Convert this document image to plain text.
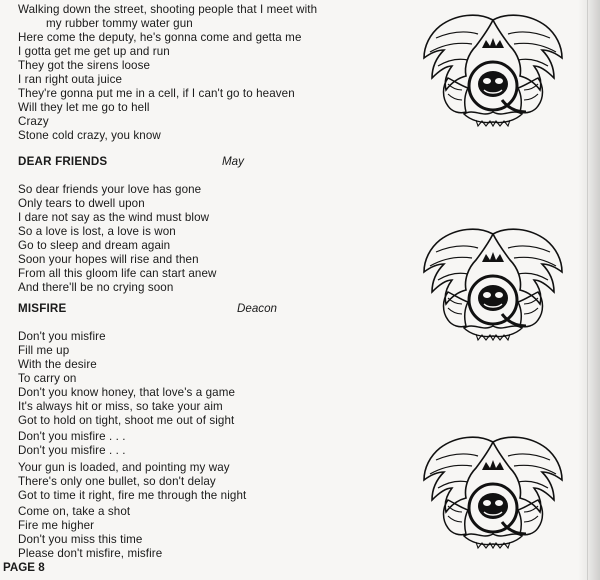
Walking down the street, shooting people that I meet with
my rubber tommy water gun
Here come the deputy, he's gonna come and getta me
I gotta get me get up and run
They got the sirens loose
I ran right outa juice
They're gonna put me in a cell, if I can't go to heaven
Will they let me go to hell
Crazy
Stone cold crazy, you know
DEAR FRIENDS	May
So dear friends your love has gone
Only tears to dwell upon
I dare not say as the wind must blow
So a love is lost, a love is won
Go to sleep and dream again
Soon your hopes will rise and then
From all this gloom life can start anew
And there'll be no crying soon
MISFIRE	Deacon
Don't you misfire
Fill me up
With the desire
To carry on
Don't you know honey, that love's a game
It's always hit or miss, so take your aim
Got to hold on tight, shoot me out of sight
Don't you misfire . . .
Don't you misfire . . .
Your gun is loaded, and pointing my way
There's only one bullet, so don't delay
Got to time it right, fire me through the night
Come on, take a shot
Fire me higher
Don't you miss this time
Please don't misfire, misfire
PAGE 8
